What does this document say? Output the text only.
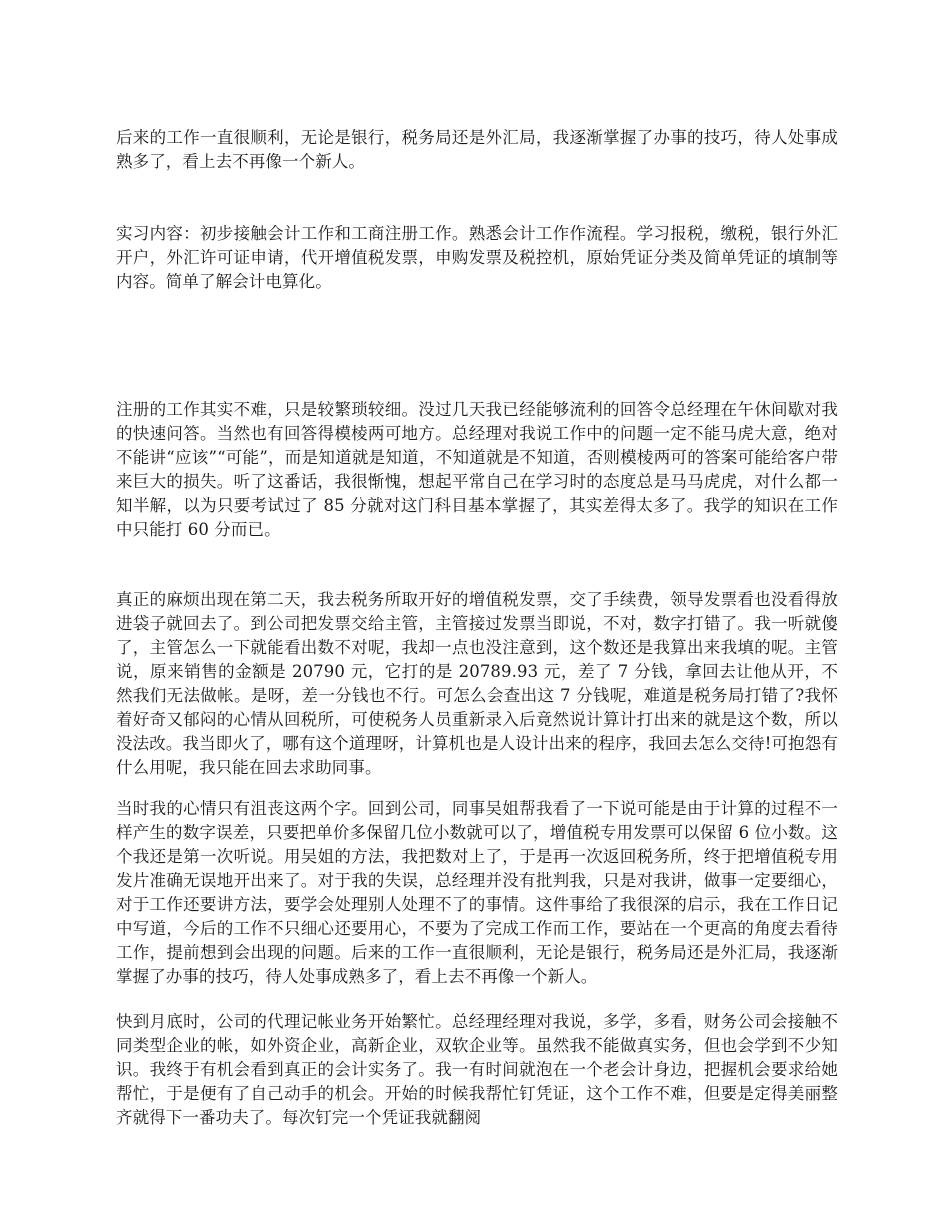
后来的工作一直很顺利，无论是银行，税务局还是外汇局，我逐渐掌握了办事的技巧，待人处事成熟多了，看上去不再像一个新人。

实习内容：初步接触会计工作和工商注册工作。熟悉会计工作作流程。学习报税，缴税，银行外汇开户，外汇许可证申请，代开增值税发票，申购发票及税控机，原始凭证分类及简单凭证的填制等内容。简单了解会计电算化。

注册的工作其实不难，只是较繁琐较细。没过几天我已经能够流利的回答令总经理在午休间歇对我的快速问答。当然也有回答得模棱两可地方。总经理对我说工作中的问题一定不能马虎大意，绝对不能讲“应该”“可能”，而是知道就是知道，不知道就是不知道，否则模棱两可的答案可能给客户带来巨大的损失。听了这番话，我很惭愧，想起平常自己在学习时的态度总是马马虎虎，对什么都一知半解，以为只要考试过了 85 分就对这门科目基本掌握了，其实差得太多了。我学的知识在工作中只能打 60 分而已。

真正的麻烦出现在第二天，我去税务所取开好的增值税发票，交了手续费，领导发票看也没看得放进袋子就回去了。到公司把发票交给主管，主管接过发票当即说，不对，数字打错了。我一听就傻了，主管怎么一下就能看出数不对呢，我却一点也没注意到，这个数还是我算出来我填的呢。主管说，原来销售的金额是 20790 元，它打的是 20789.93 元，差了 7 分钱，拿回去让他从开，不然我们无法做帐。是呀，差一分钱也不行。可怎么会查出这 7 分钱呢，难道是税务局打错了?我怀着好奇又郁闷的心情从回税所，可使税务人员重新录入后竟然说计算计打出来的就是这个数，所以没法改。我当即火了，哪有这个道理呀，计算机也是人设计出来的程序，我回去怎么交待!可抱怨有什么用呢，我只能在回去求助同事。

当时我的心情只有沮丧这两个字。回到公司，同事吴姐帮我看了一下说可能是由于计算的过程不一样产生的数字误差，只要把单价多保留几位小数就可以了，增值税专用发票可以保留 6 位小数。这个我还是第一次听说。用吴姐的方法，我把数对上了，于是再一次返回税务所，终于把增值税专用发片准确无误地开出来了。对于我的失误，总经理并没有批判我，只是对我讲，做事一定要细心，对于工作还要讲方法，要学会处理别人处理不了的事情。这件事给了我很深的启示，我在工作日记中写道，今后的工作不只细心还要用心，不要为了完成工作而工作，要站在一个更高的角度去看待工作，提前想到会出现的问题。后来的工作一直很顺利，无论是银行，税务局还是外汇局，我逐渐掌握了办事的技巧，待人处事成熟多了，看上去不再像一个新人。

快到月底时，公司的代理记帐业务开始繁忙。总经理经理对我说，多学，多看，财务公司会接触不同类型企业的帐，如外资企业，高新企业，双软企业等。虽然我不能做真实务，但也会学到不少知识。我终于有机会看到真正的会计实务了。我一有时间就泡在一个老会计身边，把握机会要求给她帮忙，于是便有了自己动手的机会。开始的时候我帮忙钉凭证，这个工作不难，但要是定得美丽整齐就得下一番功夫了。每次钉完一个凭证我就翻阅
